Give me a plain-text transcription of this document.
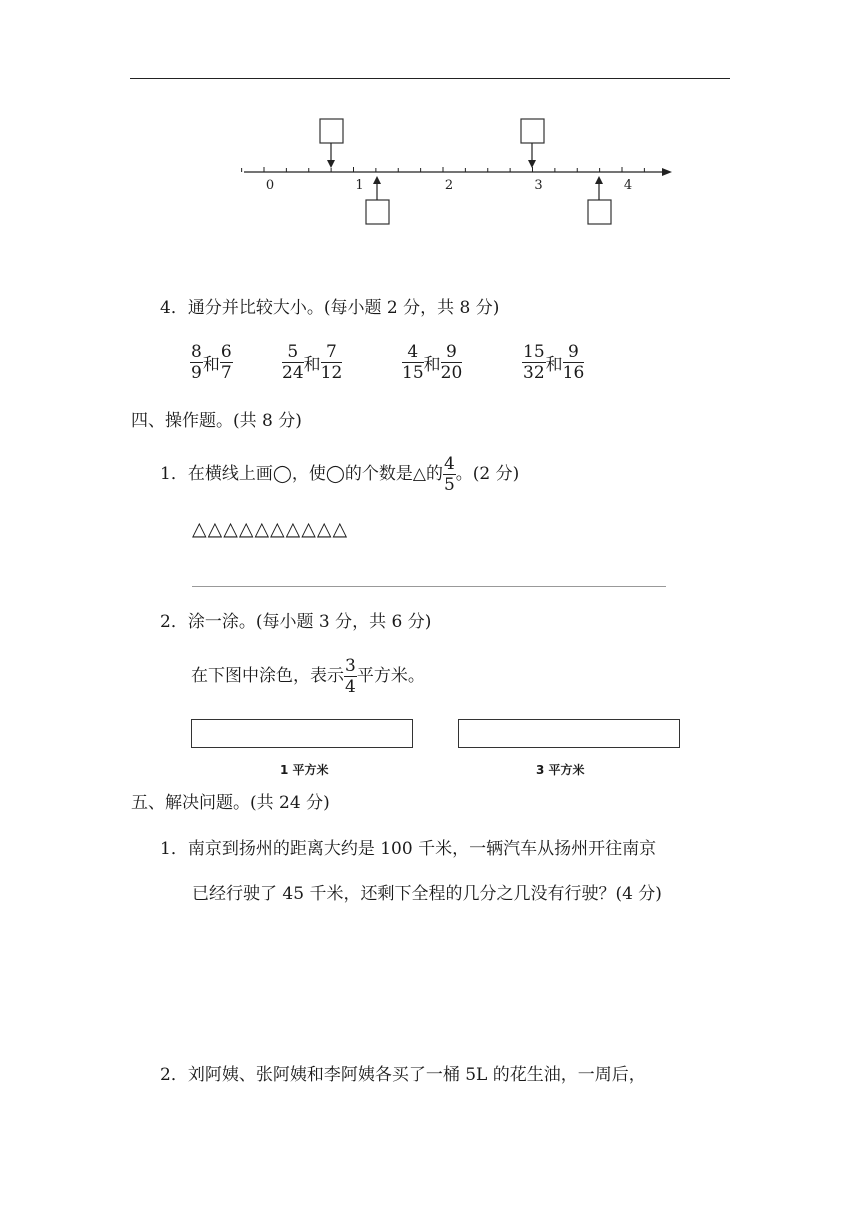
0	1	2	3	4
4．通分并比较大小。(每小题 2 分，共 8 分)
$\frac{8}{9}$ 和 $\frac{6}{7}$	$\frac{5}{24}$ 和 $\frac{7}{12}$	$\frac{4}{15}$ 和 $\frac{9}{20}$	$\frac{15}{32}$ 和 $\frac{9}{16}$
四、操作题。(共 8 分)
1．在横线上画◯，使◯的个数是△的 $\frac{4}{5}$ 。(2 分)
△△△△△△△△△△
2．涂一涂。(每小题 3 分，共 6 分)
在下图中涂色，表示 $\frac{3}{4}$ 平方米。
1 平方米	3 平方米
五、解决问题。(共 24 分)
1．南京到扬州的距离大约是 100 千米，一辆汽车从扬州开往南京
已经行驶了 45 千米，还剩下全程的几分之几没有行驶？(4 分)
2．刘阿姨、张阿姨和李阿姨各买了一桶 5L 的花生油，一周后，
